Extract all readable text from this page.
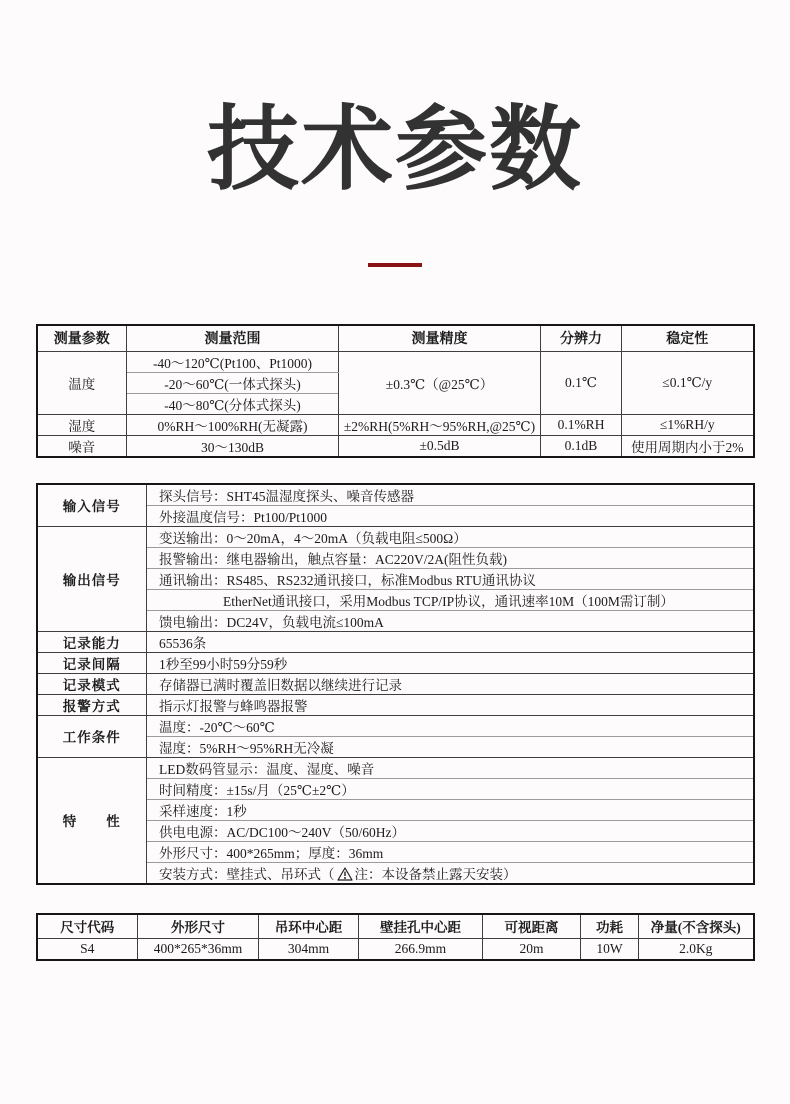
技术参数
测量参数	测量范围	测量精度	分辨力	稳定性
温度	-40～120℃(Pt100、Pt1000)	±0.3℃（@25℃）	0.1℃	≤0.1℃/y
	-20～60℃(一体式探头)			
	-40～80℃(分体式探头)			
湿度	0%RH～100%RH(无凝露)	±2%RH(5%RH～95%RH,@25℃)	0.1%RH	≤1%RH/y
噪音	30～130dB	±0.5dB	0.1dB	使用周期内小于2%
输入信号	探头信号：SHT45温湿度探头、噪音传感器
	外接温度信号：Pt100/Pt1000
输出信号	变送输出：0～20mA，4～20mA（负载电阻≤500Ω）
	报警输出：继电器输出，触点容量：AC220V/2A(阻性负载)
	通讯输出：RS485、RS232通讯接口，标准Modbus RTU通讯协议
	EtherNet通讯接口，采用Modbus TCP/IP协议，通讯速率10M（100M需订制）
	馈电输出：DC24V，负载电流≤100mA
记录能力	65536条
记录间隔	1秒至99小时59分59秒
记录模式	存储器已满时覆盖旧数据以继续进行记录
报警方式	指示灯报警与蜂鸣器报警
工作条件	温度：-20℃～60℃
	湿度：5%RH～95%RH无冷凝
特　　性	LED数码管显示：温度、湿度、噪音
	时间精度：±15s/月（25℃±2℃）
	采样速度：1秒
	供电电源：AC/DC100～240V（50/60Hz）
	外形尺寸：400*265mm；厚度：36mm
	安装方式：壁挂式、吊环式（ 注：本设备禁止露天安装）
尺寸代码	外形尺寸	吊环中心距	壁挂孔中心距	可视距离	功耗	净量(不含探头)
S4	400*265*36mm	304mm	266.9mm	20m	10W	2.0Kg
